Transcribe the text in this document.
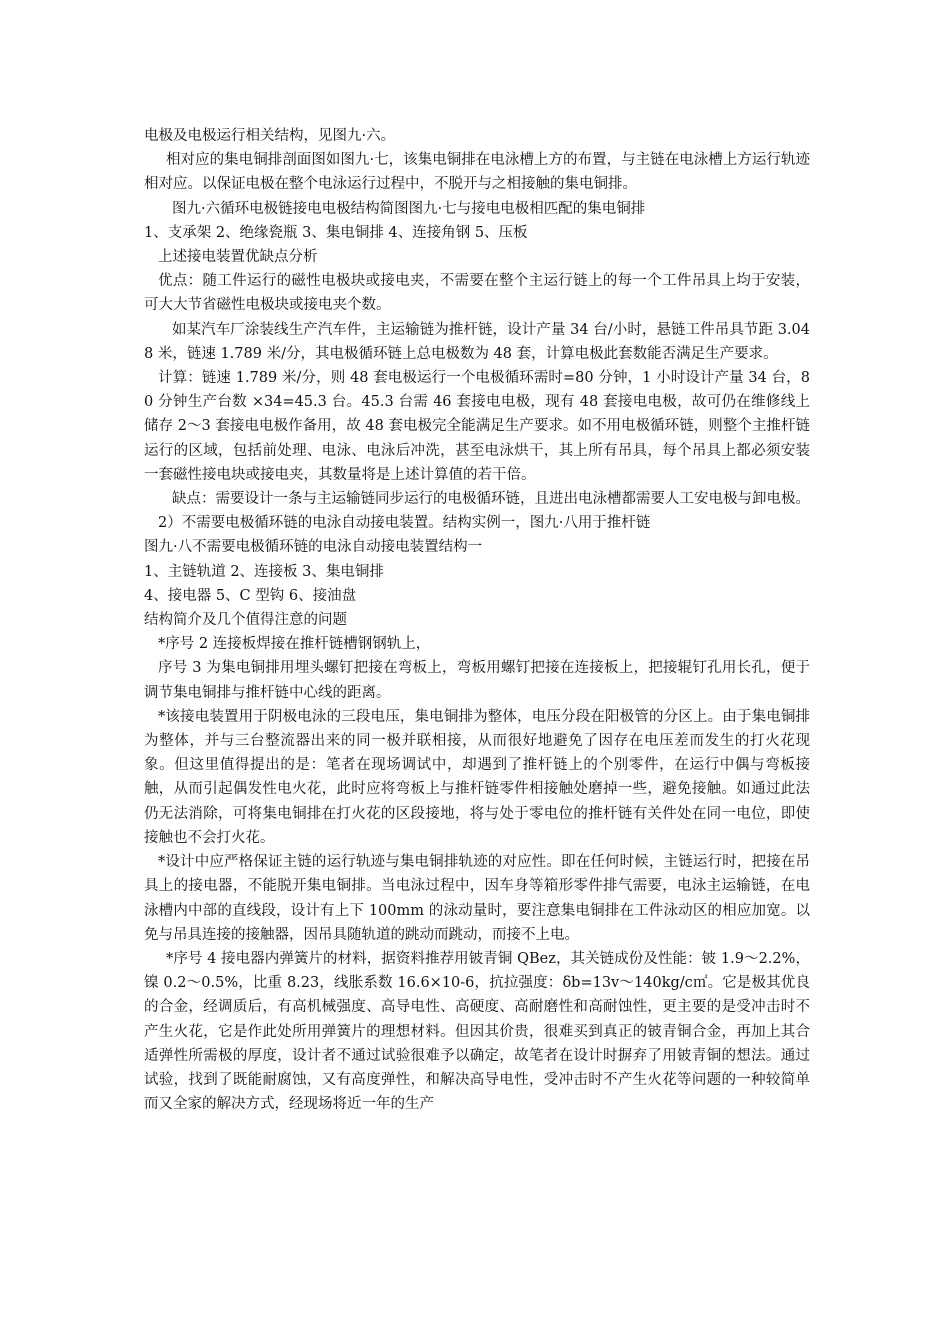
电极及电极运行相关结构，见图九·六。

相对应的集电铜排剖面图如图九·七，该集电铜排在电泳槽上方的布置，与主链在电泳槽上方运行轨迹相对应。以保证电极在整个电泳运行过程中，不脱开与之相接触的集电铜排。

图九·六循环电极链接电电极结构简图图九·七与接电电极相匹配的集电铜排

1、支承架 2、绝缘瓷瓶 3、集电铜排 4、连接角钢 5、压板

上述接电装置优缺点分析

优点：随工件运行的磁性电极块或接电夹，不需要在整个主运行链上的每一个工件吊具上均于安装，可大大节省磁性电极块或接电夹个数。

如某汽车厂涂装线生产汽车件，主运输链为推杆链，设计产量 34 台/小时，悬链工件吊具节距 3.048 米，链速 1.789 米/分，其电极循环链上总电极数为 48 套，计算电极此套数能否满足生产要求。

计算：链速 1.789 米/分，则 48 套电极运行一个电极循环需时=80 分钟，1 小时设计产量 34 台，80 分钟生产台数 ×34=45.3 台。45.3 台需 46 套接电电极，现有 48 套接电电极，故可仍在维修线上储存 2～3 套接电电极作备用，故 48 套电极完全能满足生产要求。如不用电极循环链，则整个主推杆链运行的区域，包括前处理、电泳、电泳后冲洗，甚至电泳烘干，其上所有吊具，每个吊具上都必须安装一套磁性接电块或接电夹，其数量将是上述计算值的若干倍。

缺点：需要设计一条与主运输链同步运行的电极循环链，且进出电泳槽都需要人工安电极与卸电极。

2）不需要电极循环链的电泳自动接电装置。结构实例一，图九·八用于推杆链

图九·八不需要电极循环链的电泳自动接电装置结构一

1、主链轨道 2、连接板 3、集电铜排

4、接电器 5、C 型钩 6、接油盘

结构简介及几个值得注意的问题

*序号 2 连接板焊接在推杆链槽钢钢轨上，

序号 3 为集电铜排用埋头螺钉把接在弯板上，弯板用螺钉把接在连接板上，把接辊钉孔用长孔，便于调节集电铜排与推杆链中心线的距离。

*该接电装置用于阴极电泳的三段电压，集电铜排为整体，电压分段在阳极管的分区上。由于集电铜排为整体，并与三台整流器出来的同一极并联相接，从而很好地避免了因存在电压差而发生的打火花现象。但这里值得提出的是：笔者在现场调试中，却遇到了推杆链上的个别零件，在运行中偶与弯板接触，从而引起偶发性电火花，此时应将弯板上与推杆链零件相接触处磨掉一些，避免接触。如通过此法仍无法消除，可将集电铜排在打火花的区段接地，将与处于零电位的推杆链有关件处在同一电位，即使接触也不会打火花。

*设计中应严格保证主链的运行轨迹与集电铜排轨迹的对应性。即在任何时候，主链运行时，把接在吊具上的接电器，不能脱开集电铜排。当电泳过程中，因车身等箱形零件排气需要，电泳主运输链，在电泳槽内中部的直线段，设计有上下 100mm 的泳动量时，要注意集电铜排在工件泳动区的相应加宽。以免与吊具连接的接触器，因吊具随轨道的跳动而跳动，而接不上电。

*序号 4 接电器内弹簧片的材料，据资料推荐用铍青铜 QBez，其关链成份及性能：铍 1.9～2.2%，镍 0.2～0.5%，比重 8.23，线胀系数 16.6×10-6，抗拉强度：δb=13v～140kg/c㎡。它是极其优良的合金，经调质后，有高机械强度、高导电性、高硬度、高耐磨性和高耐蚀性，更主要的是受冲击时不产生火花，它是作此处所用弹簧片的理想材料。但因其价贵，很难买到真正的铍青铜合金，再加上其合适弹性所需极的厚度，设计者不通过试验很难予以确定，故笔者在设计时摒弃了用铍青铜的想法。通过试验，找到了既能耐腐蚀，又有高度弹性，和解决高导电性，受冲击时不产生火花等问题的一种较简单而又全家的解决方式，经现场将近一年的生产
